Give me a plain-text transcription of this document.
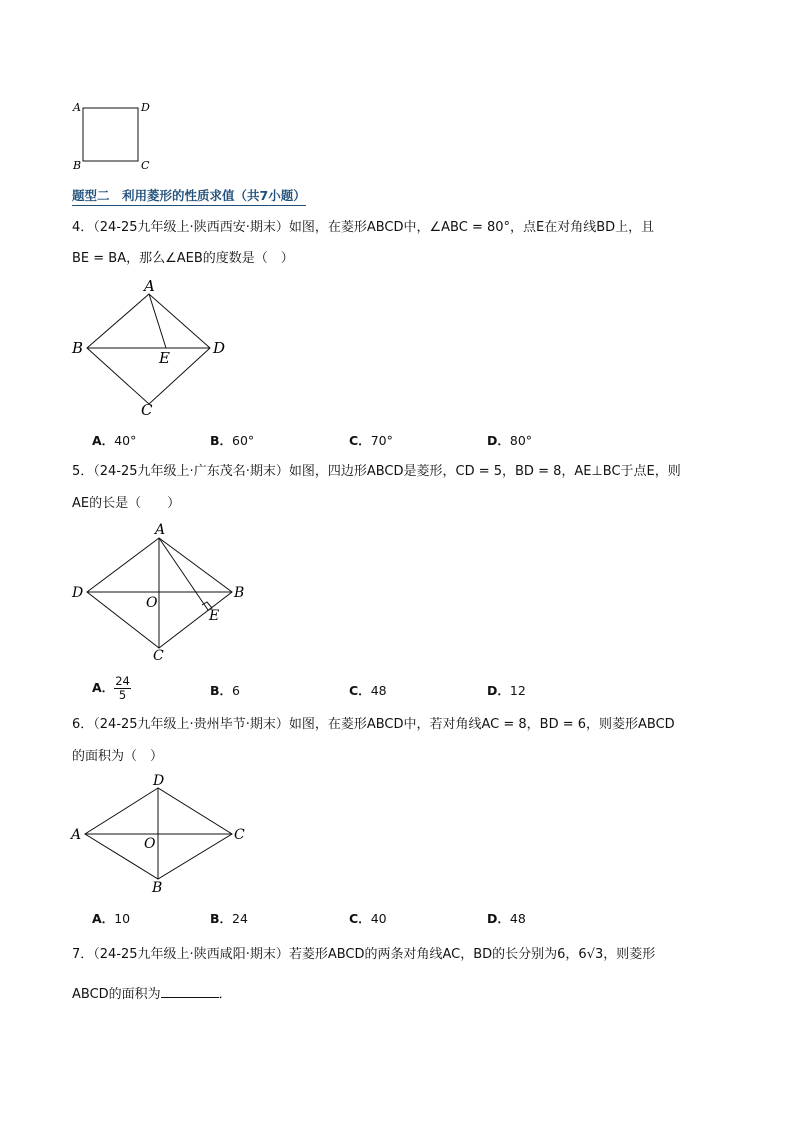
A	D
B	C
题型二　利用菱形的性质求值（共7小题）
4．（24-25九年级上·陕西西安·期末）如图，在菱形ABCD中，∠ABC = 80°，点E在对角线BD上，且
BE = BA，那么∠AEB的度数是（　）
A
B	D
E
C
A．40°	B．60°	C．70°	D．80°
5．（24-25九年级上·广东茂名·期末）如图，四边形ABCD是菱形，CD = 5，BD = 8，AE⊥BC于点E，则
AE的长是（　　）
A
D	B
O
E
C
A． $\frac{24}{5}$	B．6	C．48	D．12
6．（24-25九年级上·贵州毕节·期末）如图，在菱形ABCD中，若对角线AC = 8，BD = 6，则菱形ABCD
的面积为（　）
D
A	C
O
B
A．10	B．24	C．40	D．48
7．（24-25九年级上·陕西咸阳·期末）若菱形ABCD的两条对角线AC，BD的长分别为6，6√3，则菱形
ABCD的面积为	．
